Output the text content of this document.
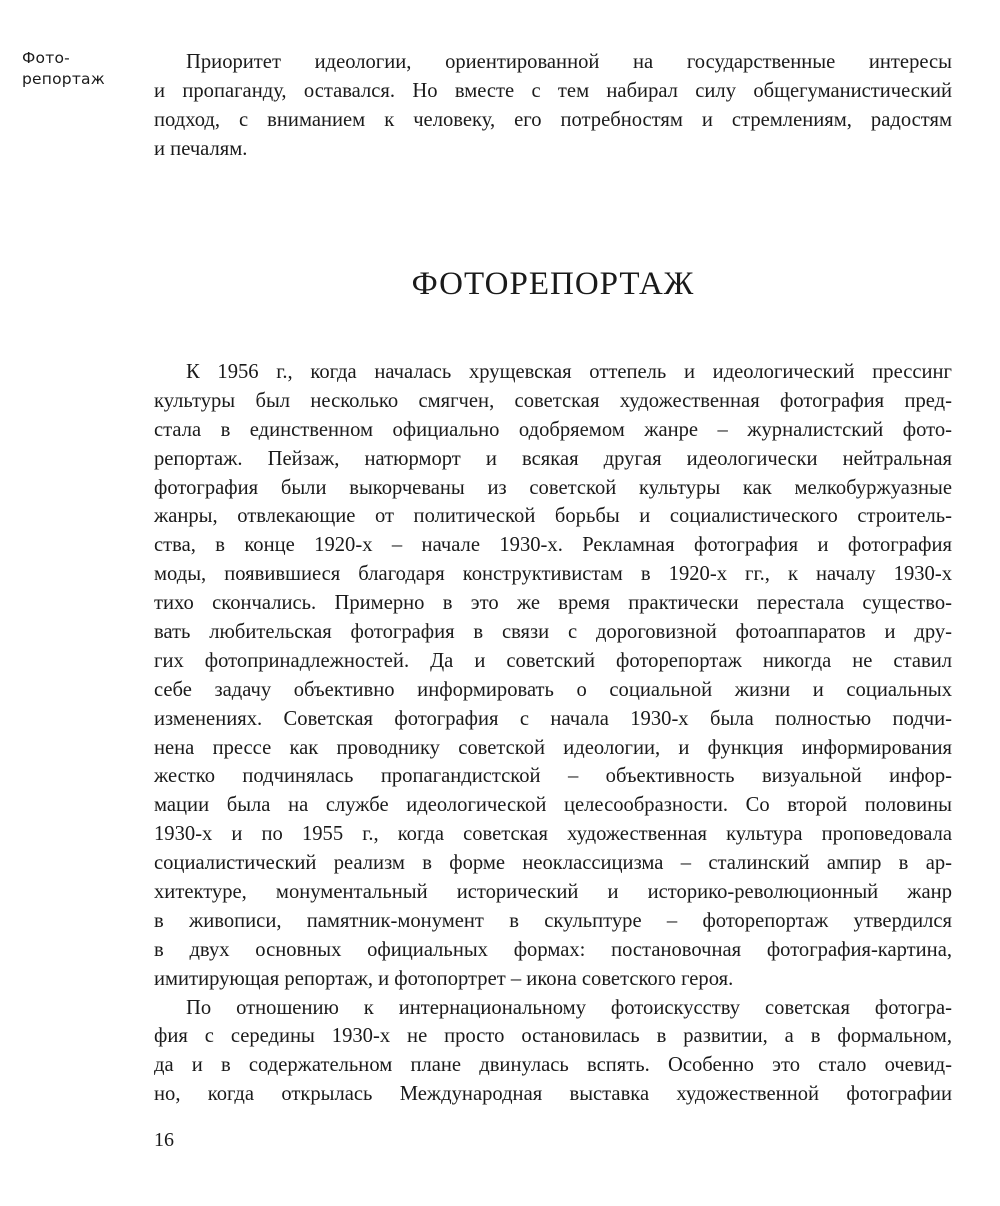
Фото-
репортаж
Приоритет идеологии, ориентированной на государственные интересы
и пропаганду, оставался. Но вместе с тем набирал силу общегуманистический
подход, с вниманием к человеку, его потребностям и стремлениям, радостям
и печалям.
ФОТОРЕПОРТАЖ
К 1956 г., когда началась хрущевская оттепель и идеологический прессинг
культуры был несколько смягчен, советская художественная фотография пред-
стала в единственном официально одобряемом жанре – журналистский фото-
репортаж. Пейзаж, натюрморт и всякая другая идеологически нейтральная
фотография были выкорчеваны из советской культуры как мелкобуржуазные
жанры, отвлекающие от политической борьбы и социалистического строитель-
ства, в конце 1920-х – начале 1930-х. Рекламная фотография и фотография
моды, появившиеся благодаря конструктивистам в 1920-х гг., к началу 1930-х
тихо скончались. Примерно в это же время практически перестала существо-
вать любительская фотография в связи с дороговизной фотоаппаратов и дру-
гих фотопринадлежностей. Да и советский фоторепортаж никогда не ставил
себе задачу объективно информировать о социальной жизни и социальных
изменениях. Советская фотография с начала 1930-х была полностью подчи-
нена прессе как проводнику советской идеологии, и функция информирования
жестко подчинялась пропагандистской – объективность визуальной инфор-
мации была на службе идеологической целесообразности. Со второй половины
1930-х и по 1955 г., когда советская художественная культура проповедовала
социалистический реализм в форме неоклассицизма – сталинский ампир в ар-
хитектуре, монументальный исторический и историко-революционный жанр
в живописи, памятник-монумент в скульптуре – фоторепортаж утвердился
в двух основных официальных формах: постановочная фотография-картина,
имитирующая репортаж, и фотопортрет – икона советского героя.
По отношению к интернациональному фотоискусству советская фотогра-
фия с середины 1930-х не просто остановилась в развитии, а в формальном,
да и в содержательном плане двинулась вспять. Особенно это стало очевид-
но, когда открылась Международная выставка художественной фотографии
16
